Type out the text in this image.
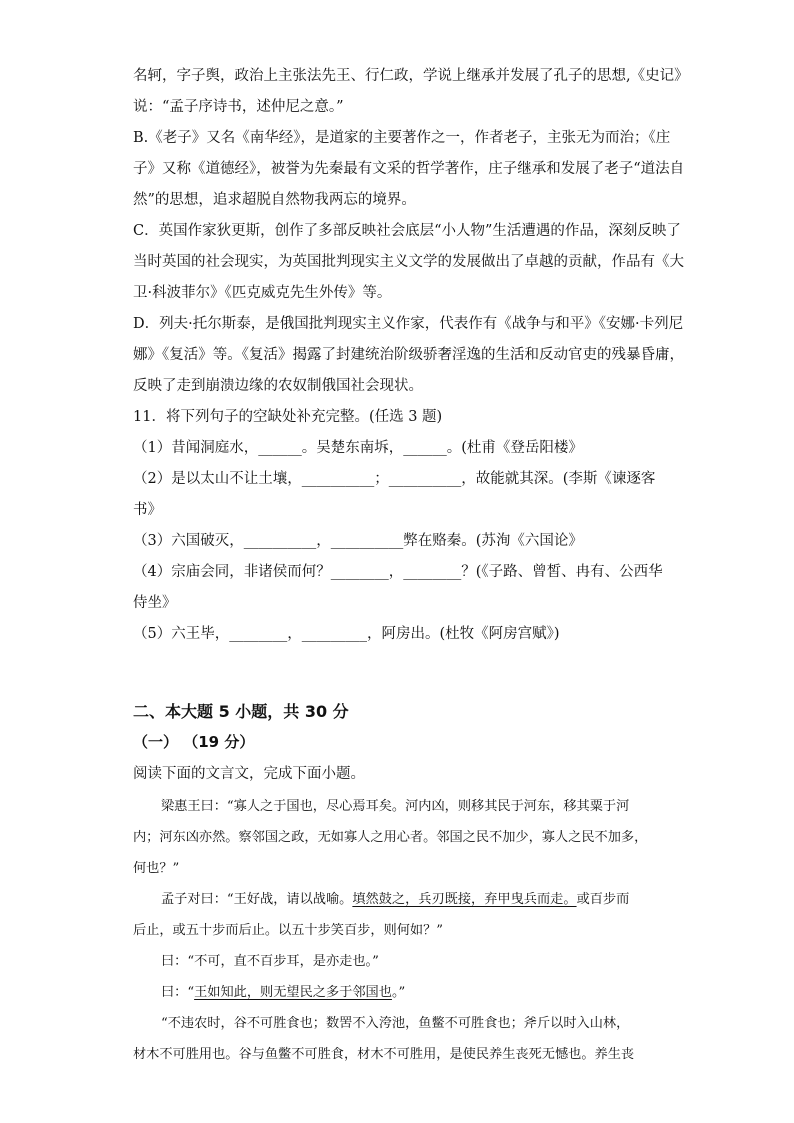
名轲，字子舆，政治上主张法先王、行仁政，学说上继承并发展了孔子的思想,《史记》

说：“孟子序诗书，述仲尼之意。”

B.《老子》又名《南华经》，是道家的主要著作之一，作者老子，主张无为而治；《庄

子》又称《道德经》，被誉为先秦最有文采的哲学著作，庄子继承和发展了老子“道法自

然”的思想，追求超脱自然物我两忘的境界。

C．英国作家狄更斯，创作了多部反映社会底层“小人物”生活遭遇的作品，深刻反映了

当时英国的社会现实，为英国批判现实主义文学的发展做出了卓越的贡献，作品有《大

卫·科波菲尔》《匹克威克先生外传》等。

D．列夫·托尔斯泰，是俄国批判现实主义作家，代表作有《战争与和平》《安娜·卡列尼

娜》《复活》等。《复活》揭露了封建统治阶级骄奢淫逸的生活和反动官吏的残暴昏庸，

反映了走到崩溃边缘的农奴制俄国社会现状。

11．将下列句子的空缺处补充完整。(任选 3 题)

（1）昔闻洞庭水，______。吴楚东南坼，______。(杜甫《登岳阳楼》

（2）是以太山不让土壤，__________；__________，故能就其深。(李斯《谏逐客

书》

（3）六国破灭，__________，__________弊在赂秦。(苏洵《六国论》

（4）宗庙会同，非诸侯而何？________，________？(《子路、曾皙、冉有、公西华

侍坐》

（5）六王毕，________，_________，阿房出。(杜牧《阿房宫赋》)

二、本大题 5 小题，共 30 分

（一） （19 分）

阅读下面的文言文，完成下面小题。

梁惠王曰：“寡人之于国也，尽心焉耳矣。河内凶，则移其民于河东，移其粟于河

内；河东凶亦然。察邻国之政，无如寡人之用心者。邻国之民不加少，寡人之民不加多，

何也？”

孟子对曰：“王好战，请以战喻。填然鼓之，兵刃既接，弃甲曳兵而走。或百步而

后止，或五十步而后止。以五十步笑百步，则何如？”

曰：“不可，直不百步耳，是亦走也。”

曰：“王如知此，则无望民之多于邻国也。”

“不违农时，谷不可胜食也；数罟不入洿池，鱼鳖不可胜食也；斧斤以时入山林，

材木不可胜用也。谷与鱼鳖不可胜食，材木不可胜用，是使民养生丧死无憾也。养生丧
